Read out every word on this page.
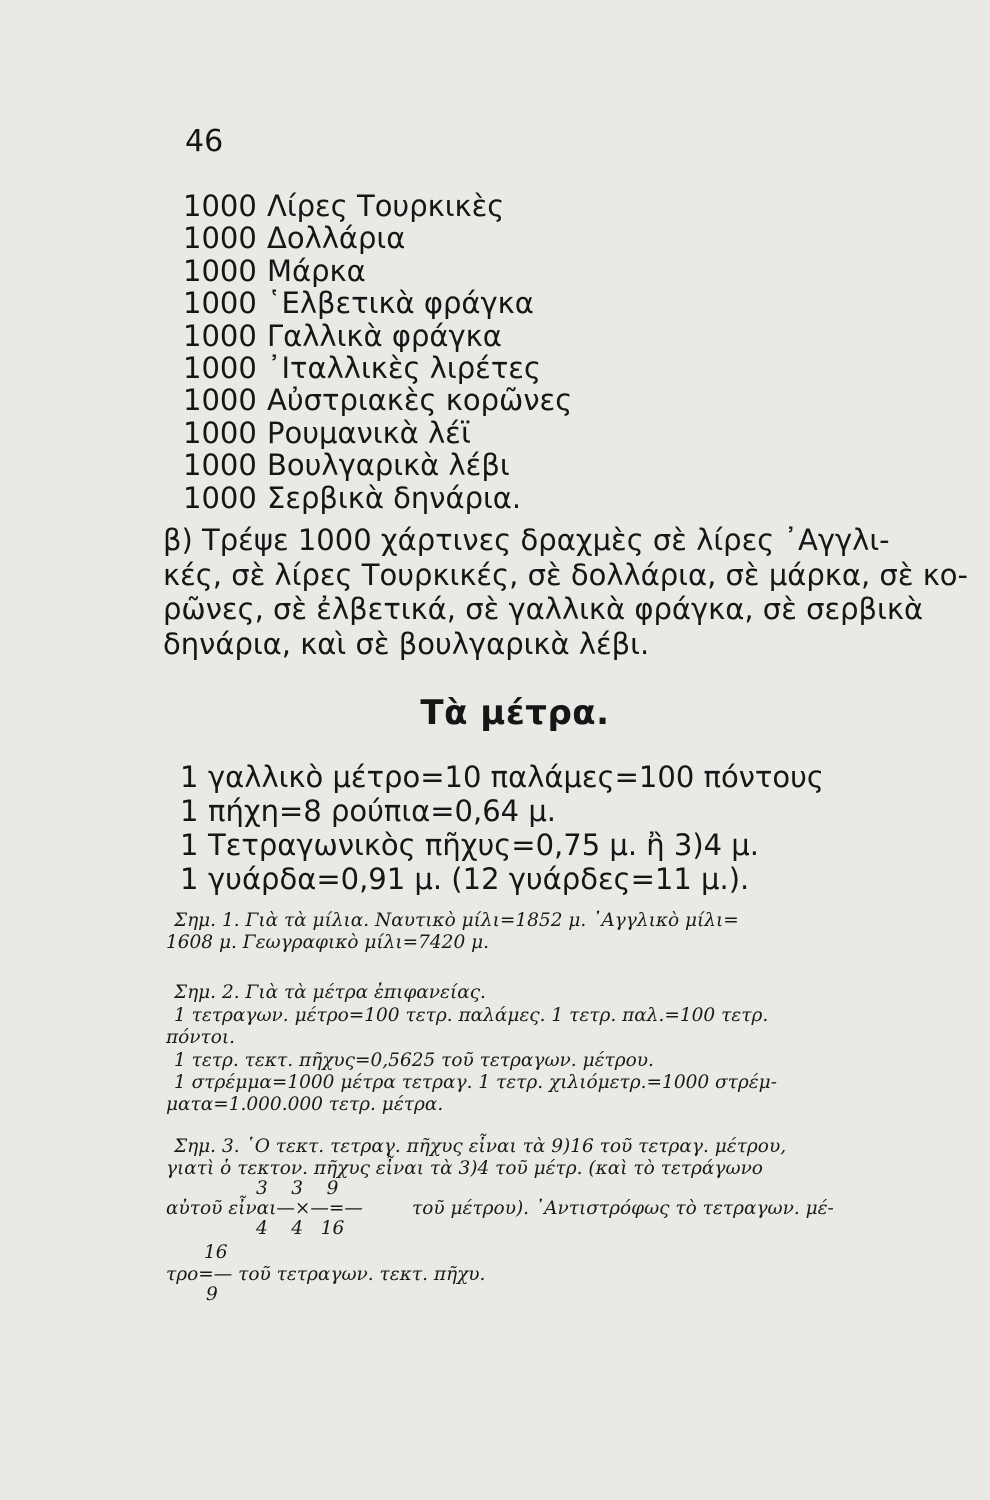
46
1000 Λίρες Τουρκικὲς
1000 Δολλάρια
1000 Μάρκα
1000 ῾Ελβετικὰ φράγκα
1000 Γαλλικὰ φράγκα
1000 ᾿Ιταλλικὲς λιρέτες
1000 Αὐστριακὲς κορῶνες
1000 Ρουμανικὰ λέϊ
1000 Βουλγαρικὰ λέβι
1000 Σερβικὰ δηνάρια.
β) Τρέψε 1000 χάρτινες δραχμὲς σὲ λίρες ᾿Αγγλι-
κές, σὲ λίρες Τουρκικές, σὲ δολλάρια, σὲ μάρκα, σὲ κο-
ρῶνες, σὲ ἐλβετικά, σὲ γαλλικὰ φράγκα, σὲ σερβικὰ
δηνάρια, καὶ σὲ βουλγαρικὰ λέβι.
Τὰ μέτρα.
1 γαλλικὸ μέτρο=10 παλάμες=100 πόντους
1 πήχη=8 ρούπια=0,64 μ.
1 Τετραγωνικὸς πῆχυς=0,75 μ. ἢ 3)4 μ.
1 γυάρδα=0,91 μ. (12 γυάρδες=11 μ.).
Σημ. 1. Γιὰ τὰ μίλια. Ναυτικὸ μίλι=1852 μ. ᾿Αγγλικὸ μίλι=
1608 μ. Γεωγραφικὸ μίλι=7420 μ.
Σημ. 2. Γιὰ τὰ μέτρα ἐπιφανείας.
1 τετραγων. μέτρο=100 τετρ. παλάμες. 1 τετρ. παλ.=100 τετρ.
πόντοι.
1 τετρ. τεκτ. πῆχυς=0,5625 τοῦ τετραγων. μέτρου.
1 στρέμμα=1000 μέτρα τετραγ. 1 τετρ. χιλιόμετρ.=1000 στρέμ-
ματα=1.000.000 τετρ. μέτρα.
Σημ. 3. ῾Ο τεκτ. τετραγ. πῆχυς εἶναι τὰ 9)16 τοῦ τετραγ. μέτρου,
γιατὶ ὁ τεκτον. πῆχυς εἶναι τὰ 3)4 τοῦ μέτρ. (καὶ τὸ τετράγωνο
3    3    9
αὐτοῦ εἶναι—×—=—	τοῦ μέτρου). ᾿Αντιστρόφως τὸ τετραγων. μέ-
4    4   16
16
τρο=— τοῦ τετραγων. τεκτ. πῆχυ.
9
